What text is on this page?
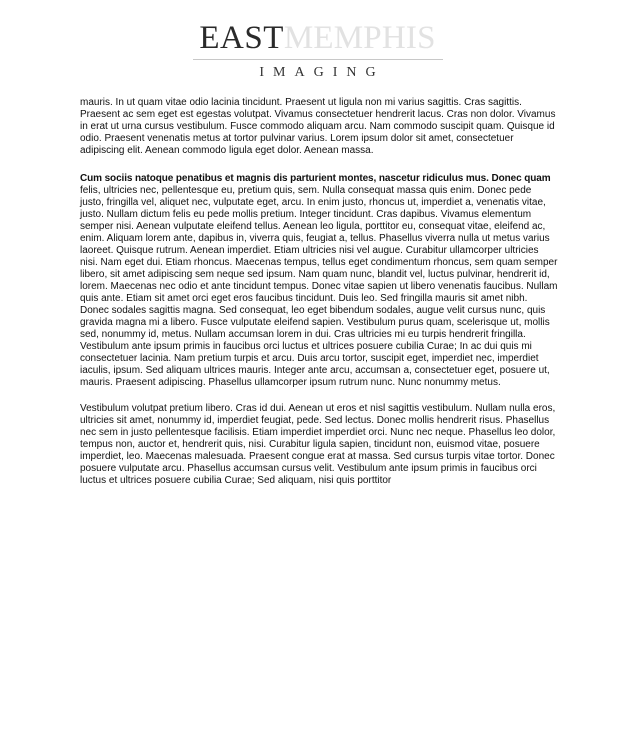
EASTMEMPHIS
IMAGING

mauris. In ut quam vitae odio lacinia tincidunt. Praesent ut ligula non mi varius sagittis. Cras sagittis. Praesent ac sem eget est egestas volutpat. Vivamus consectetuer hendrerit lacus. Cras non dolor. Vivamus in erat ut urna cursus vestibulum. Fusce commodo aliquam arcu. Nam commodo suscipit quam. Quisque id odio. Praesent venenatis metus at tortor pulvinar varius. Lorem ipsum dolor sit amet, consectetuer adipiscing elit. Aenean commodo ligula eget dolor. Aenean massa.

Cum sociis natoque penatibus et magnis dis parturient montes, nascetur ridiculus mus. Donec quam felis, ultricies nec, pellentesque eu, pretium quis, sem. Nulla consequat massa quis enim. Donec pede justo, fringilla vel, aliquet nec, vulputate eget, arcu. In enim justo, rhoncus ut, imperdiet a, venenatis vitae, justo. Nullam dictum felis eu pede mollis pretium. Integer tincidunt. Cras dapibus. Vivamus elementum semper nisi. Aenean vulputate eleifend tellus. Aenean leo ligula, porttitor eu, consequat vitae, eleifend ac, enim. Aliquam lorem ante, dapibus in, viverra quis, feugiat a, tellus. Phasellus viverra nulla ut metus varius laoreet. Quisque rutrum. Aenean imperdiet. Etiam ultricies nisi vel augue. Curabitur ullamcorper ultricies nisi. Nam eget dui. Etiam rhoncus. Maecenas tempus, tellus eget condimentum rhoncus, sem quam semper libero, sit amet adipiscing sem neque sed ipsum. Nam quam nunc, blandit vel, luctus pulvinar, hendrerit id, lorem. Maecenas nec odio et ante tincidunt tempus. Donec vitae sapien ut libero venenatis faucibus. Nullam quis ante. Etiam sit amet orci eget eros faucibus tincidunt. Duis leo. Sed fringilla mauris sit amet nibh. Donec sodales sagittis magna. Sed consequat, leo eget bibendum sodales, augue velit cursus nunc, quis gravida magna mi a libero. Fusce vulputate eleifend sapien. Vestibulum purus quam, scelerisque ut, mollis sed, nonummy id, metus. Nullam accumsan lorem in dui. Cras ultricies mi eu turpis hendrerit fringilla. Vestibulum ante ipsum primis in faucibus orci luctus et ultrices posuere cubilia Curae; In ac dui quis mi consectetuer lacinia. Nam pretium turpis et arcu. Duis arcu tortor, suscipit eget, imperdiet nec, imperdiet iaculis, ipsum. Sed aliquam ultrices mauris. Integer ante arcu, accumsan a, consectetuer eget, posuere ut, mauris. Praesent adipiscing. Phasellus ullamcorper ipsum rutrum nunc. Nunc nonummy metus.

Vestibulum volutpat pretium libero. Cras id dui. Aenean ut eros et nisl sagittis vestibulum. Nullam nulla eros, ultricies sit amet, nonummy id, imperdiet feugiat, pede. Sed lectus. Donec mollis hendrerit risus. Phasellus nec sem in justo pellentesque facilisis. Etiam imperdiet imperdiet orci. Nunc nec neque. Phasellus leo dolor, tempus non, auctor et, hendrerit quis, nisi. Curabitur ligula sapien, tincidunt non, euismod vitae, posuere imperdiet, leo. Maecenas malesuada. Praesent congue erat at massa. Sed cursus turpis vitae tortor. Donec posuere vulputate arcu. Phasellus accumsan cursus velit. Vestibulum ante ipsum primis in faucibus orci luctus et ultrices posuere cubilia Curae; Sed aliquam, nisi quis porttitor
